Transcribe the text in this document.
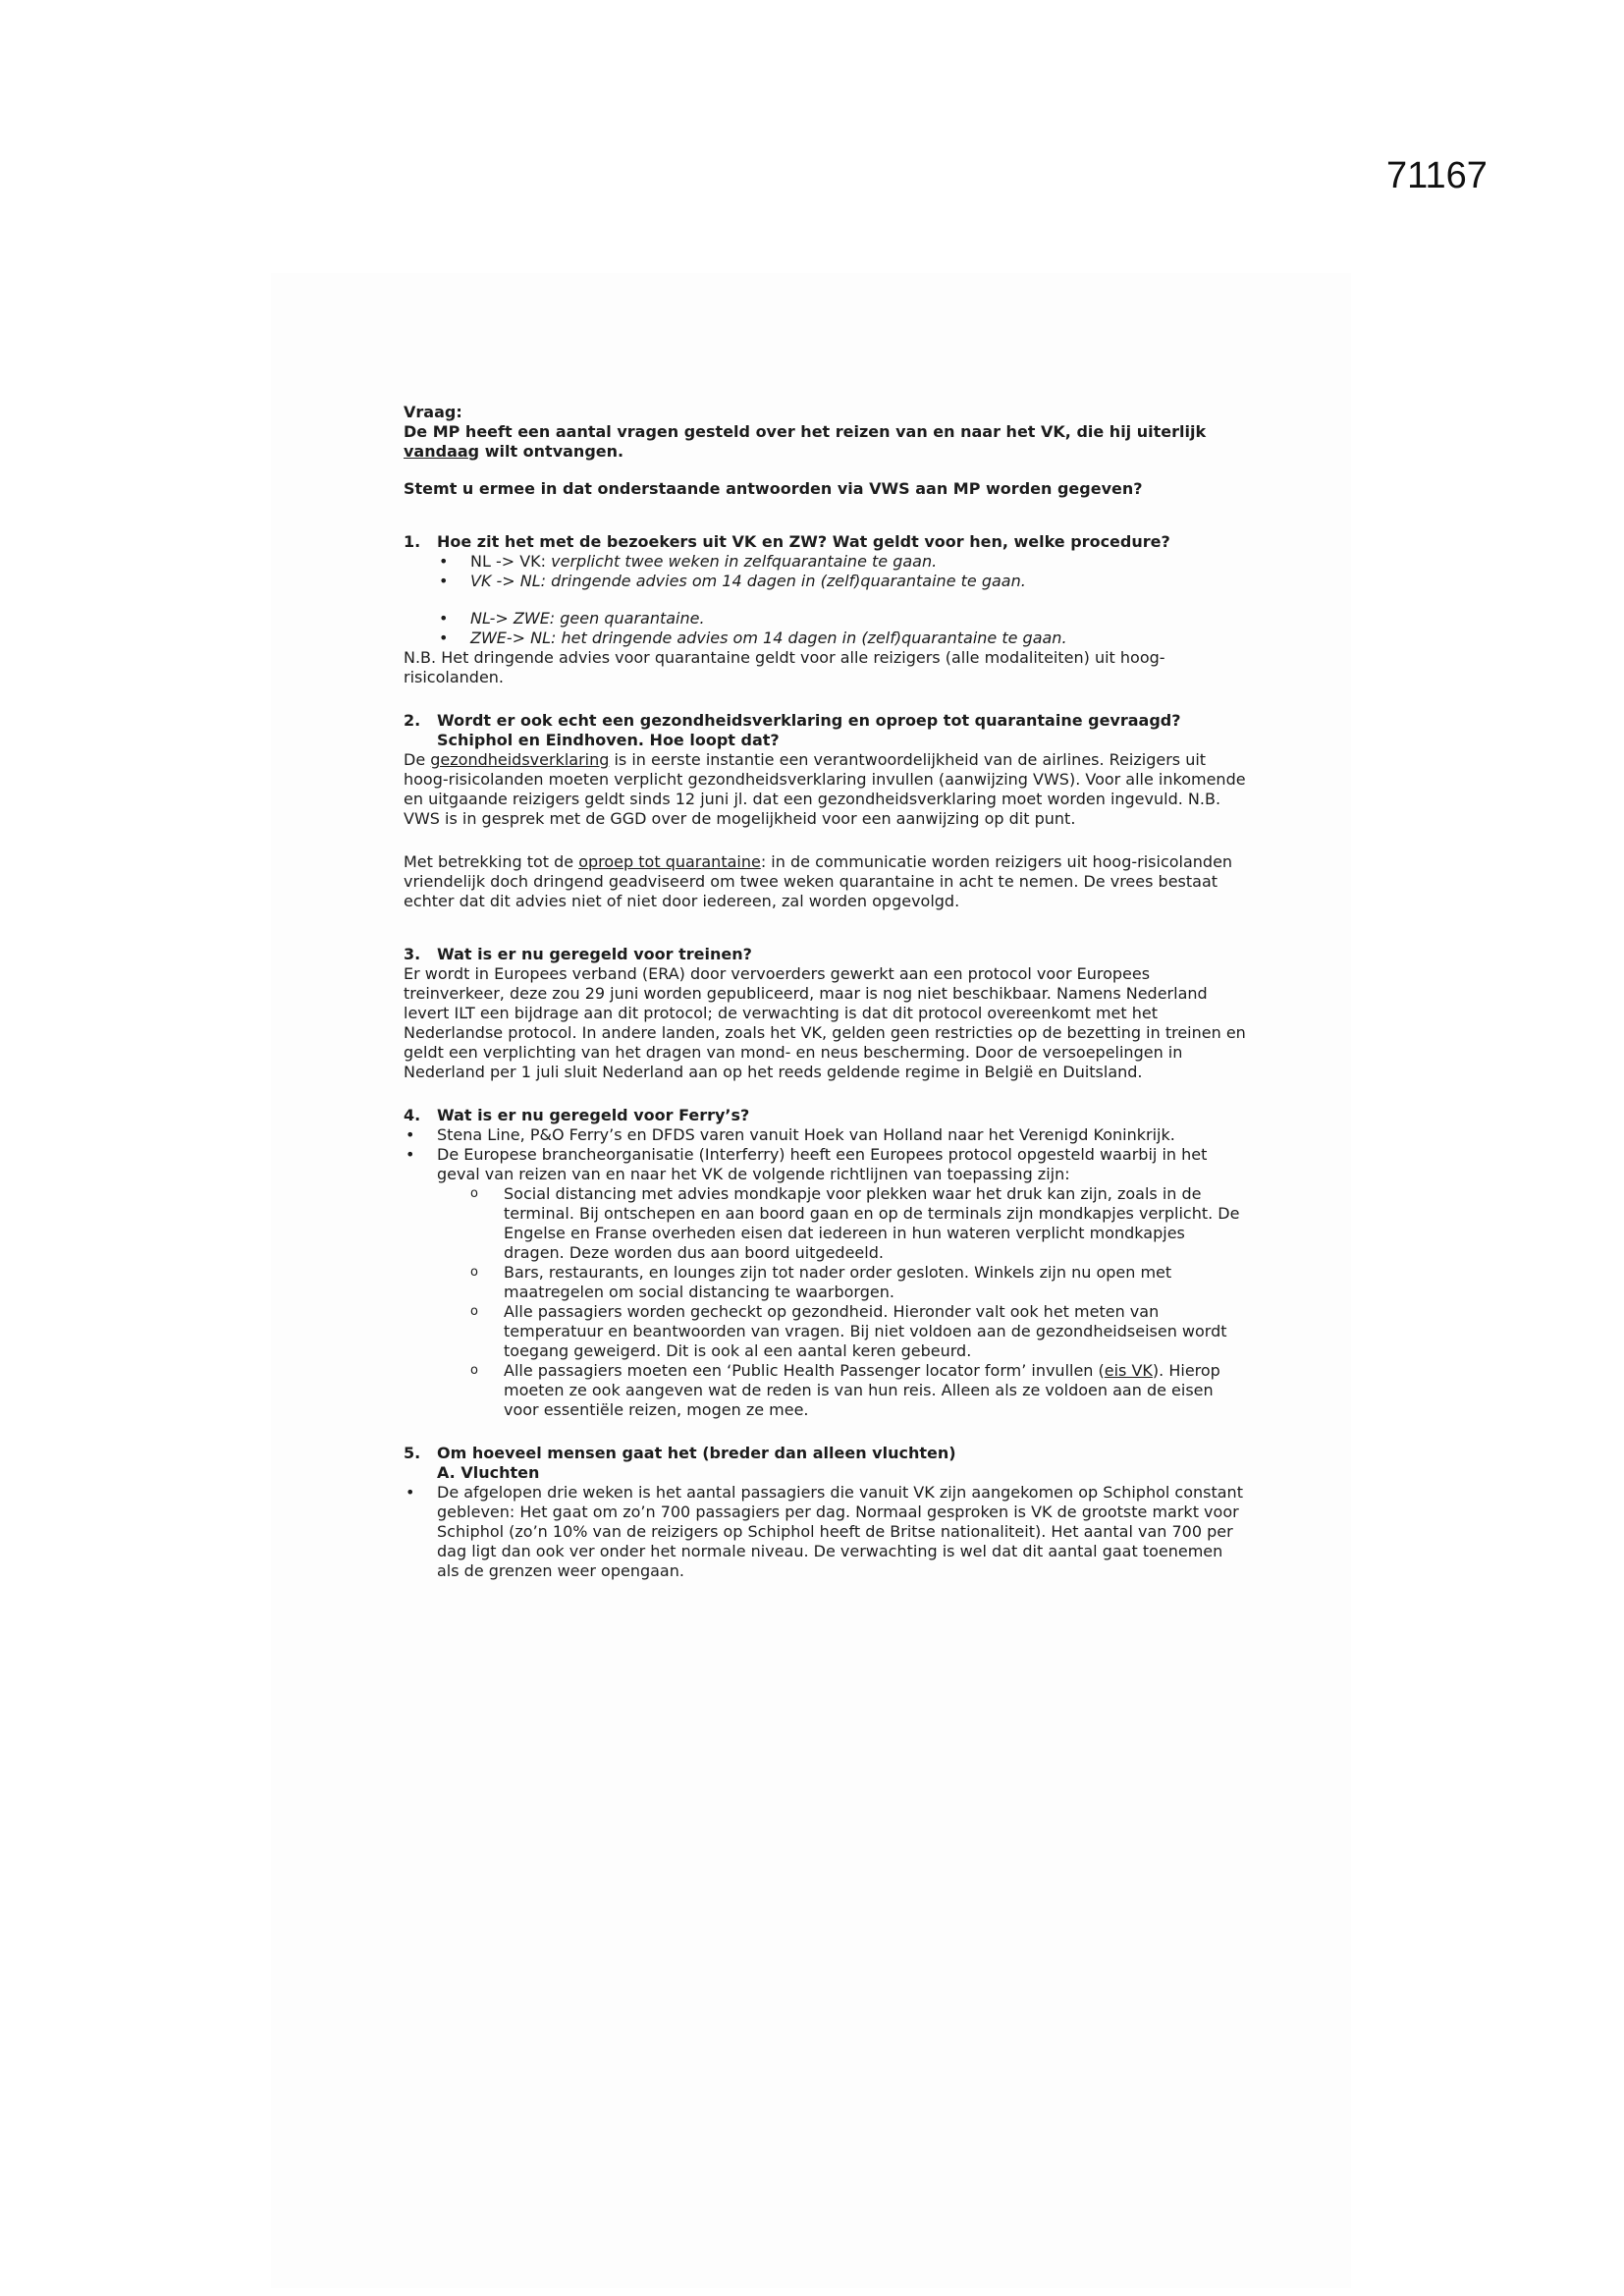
71167

Vraag:

De MP heeft een aantal vragen gesteld over het reizen van en naar het VK, die hij uiterlijk vandaag wilt ontvangen.

Stemt u ermee in dat onderstaande antwoorden via VWS aan MP worden gegeven?

1.	Hoe zit het met de bezoekers uit VK en ZW? Wat geldt voor hen, welke procedure?
• NL -> VK: verplicht twee weken in zelfquarantaine te gaan.
• VK -> NL: dringende advies om 14 dagen in (zelf)quarantaine te gaan.
• NL-> ZWE: geen quarantaine.
• ZWE-> NL: het dringende advies om 14 dagen in (zelf)quarantaine te gaan.

N.B. Het dringende advies voor quarantaine geldt voor alle reizigers (alle modaliteiten) uit hoog-risicolanden.

2.	Wordt er ook echt een gezondheidsverklaring en oproep tot quarantaine gevraagd? Schiphol en Eindhoven. Hoe loopt dat?

De gezondheidsverklaring is in eerste instantie een verantwoordelijkheid van de airlines. Reizigers uit hoog-risicolanden moeten verplicht gezondheidsverklaring invullen (aanwijzing VWS). Voor alle inkomende en uitgaande reizigers geldt sinds 12 juni jl. dat een gezondheidsverklaring moet worden ingevuld. N.B. VWS is in gesprek met de GGD over de mogelijkheid voor een aanwijzing op dit punt.

Met betrekking tot de oproep tot quarantaine: in de communicatie worden reizigers uit hoog-risicolanden vriendelijk doch dringend geadviseerd om twee weken quarantaine in acht te nemen. De vrees bestaat echter dat dit advies niet of niet door iedereen, zal worden opgevolgd.

3.	Wat is er nu geregeld voor treinen?

Er wordt in Europees verband (ERA) door vervoerders gewerkt aan een protocol voor Europees treinverkeer, deze zou 29 juni worden gepubliceerd, maar is nog niet beschikbaar. Namens Nederland levert ILT een bijdrage aan dit protocol; de verwachting is dat dit protocol overeenkomt met het Nederlandse protocol. In andere landen, zoals het VK, gelden geen restricties op de bezetting in treinen en geldt een verplichting van het dragen van mond- en neus bescherming. Door de versoepelingen in Nederland per 1 juli sluit Nederland aan op het reeds geldende regime in België en Duitsland.

4.	Wat is er nu geregeld voor Ferry’s?
• Stena Line, P&O Ferry’s en DFDS varen vanuit Hoek van Holland naar het Verenigd Koninkrijk.
• De Europese brancheorganisatie (Interferry) heeft een Europees protocol opgesteld waarbij in het geval van reizen van en naar het VK de volgende richtlijnen van toepassing zijn:
o Social distancing met advies mondkapje voor plekken waar het druk kan zijn, zoals in de terminal. Bij ontschepen en aan boord gaan en op de terminals zijn mondkapjes verplicht. De Engelse en Franse overheden eisen dat iedereen in hun wateren verplicht mondkapjes dragen. Deze worden dus aan boord uitgedeeld.
o Bars, restaurants, en lounges zijn tot nader order gesloten. Winkels zijn nu open met maatregelen om social distancing te waarborgen.
o Alle passagiers worden gecheckt op gezondheid. Hieronder valt ook het meten van temperatuur en beantwoorden van vragen. Bij niet voldoen aan de gezondheidseisen wordt toegang geweigerd. Dit is ook al een aantal keren gebeurd.
o Alle passagiers moeten een ‘Public Health Passenger locator form’ invullen (eis VK). Hierop moeten ze ook aangeven wat de reden is van hun reis. Alleen als ze voldoen aan de eisen voor essentiële reizen, mogen ze mee.
5.	Om hoeveel mensen gaat het (breder dan alleen vluchten)

A. Vluchten

• De afgelopen drie weken is het aantal passagiers die vanuit VK zijn aangekomen op Schiphol constant gebleven: Het gaat om zo’n 700 passagiers per dag. Normaal gesproken is VK de grootste markt voor Schiphol (zo’n 10% van de reizigers op Schiphol heeft de Britse nationaliteit). Het aantal van 700 per dag ligt dan ook ver onder het normale niveau. De verwachting is wel dat dit aantal gaat toenemen als de grenzen weer opengaan.
